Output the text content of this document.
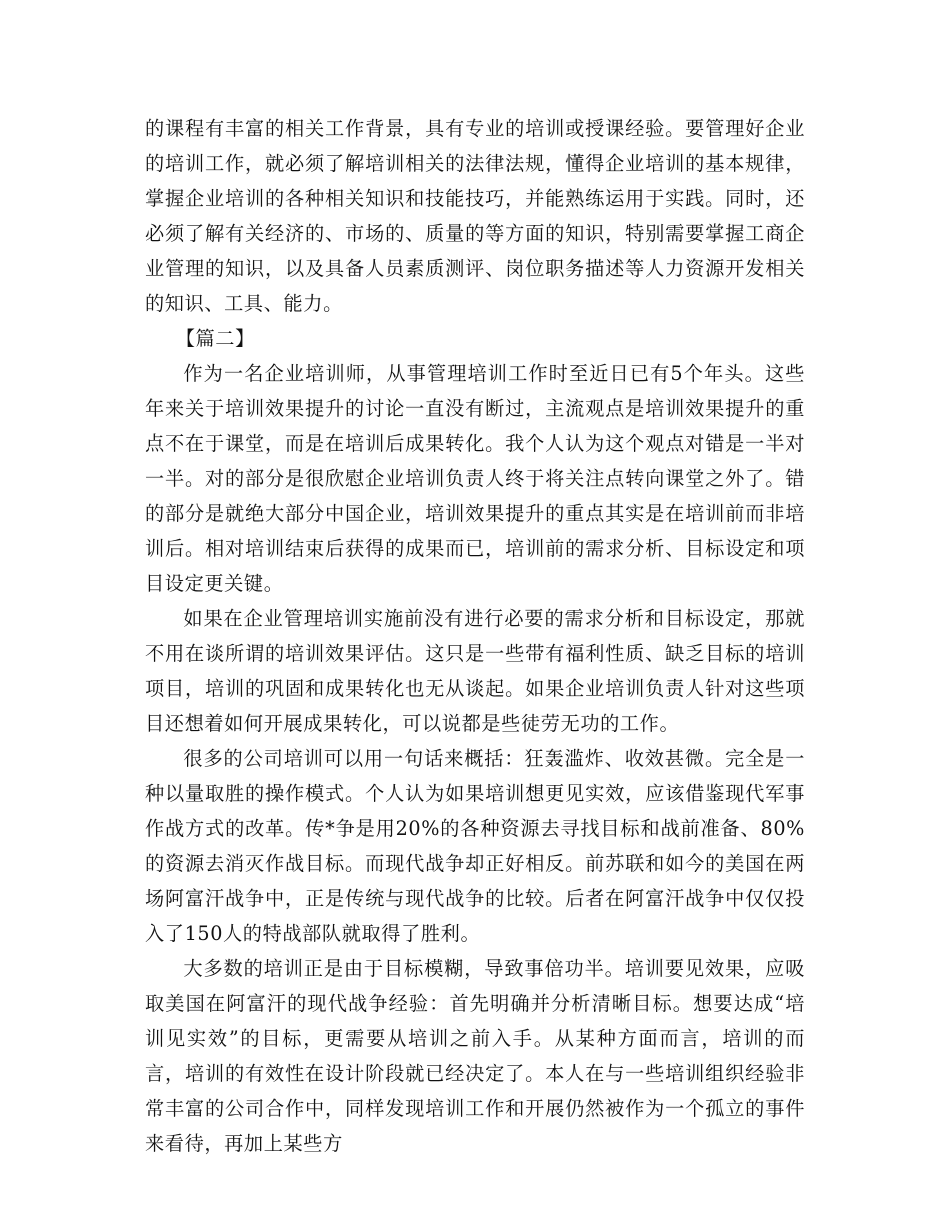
的课程有丰富的相关工作背景，具有专业的培训或授课经验。要管理好企业的培训工作，就必须了解培训相关的法律法规，懂得企业培训的基本规律，掌握企业培训的各种相关知识和技能技巧，并能熟练运用于实践。同时，还必须了解有关经济的、市场的、质量的等方面的知识，特别需要掌握工商企业管理的知识，以及具备人员素质测评、岗位职务描述等人力资源开发相关的知识、工具、能力。

【篇二】

作为一名企业培训师，从事管理培训工作时至近日已有5个年头。这些年来关于培训效果提升的讨论一直没有断过，主流观点是培训效果提升的重点不在于课堂，而是在培训后成果转化。我个人认为这个观点对错是一半对一半。对的部分是很欣慰企业培训负责人终于将关注点转向课堂之外了。错的部分是就绝大部分中国企业，培训效果提升的重点其实是在培训前而非培训后。相对培训结束后获得的成果而已，培训前的需求分析、目标设定和项目设定更关键。

如果在企业管理培训实施前没有进行必要的需求分析和目标设定，那就不用在谈所谓的培训效果评估。这只是一些带有福利性质、缺乏目标的培训项目，培训的巩固和成果转化也无从谈起。如果企业培训负责人针对这些项目还想着如何开展成果转化，可以说都是些徒劳无功的工作。

很多的公司培训可以用一句话来概括：狂轰滥炸、收效甚微。完全是一种以量取胜的操作模式。个人认为如果培训想更见实效，应该借鉴现代军事作战方式的改革。传*争是用20%的各种资源去寻找目标和战前准备、80%的资源去消灭作战目标。而现代战争却正好相反。前苏联和如今的美国在两场阿富汗战争中，正是传统与现代战争的比较。后者在阿富汗战争中仅仅投入了150人的特战部队就取得了胜利。

大多数的培训正是由于目标模糊，导致事倍功半。培训要见效果，应吸取美国在阿富汗的现代战争经验：首先明确并分析清晰目标。想要达成“培训见实效”的目标，更需要从培训之前入手。从某种方面而言，培训的而言，培训的有效性在设计阶段就已经决定了。本人在与一些培训组织经验非常丰富的公司合作中，同样发现培训工作和开展仍然被作为一个孤立的事件来看待，再加上某些方
